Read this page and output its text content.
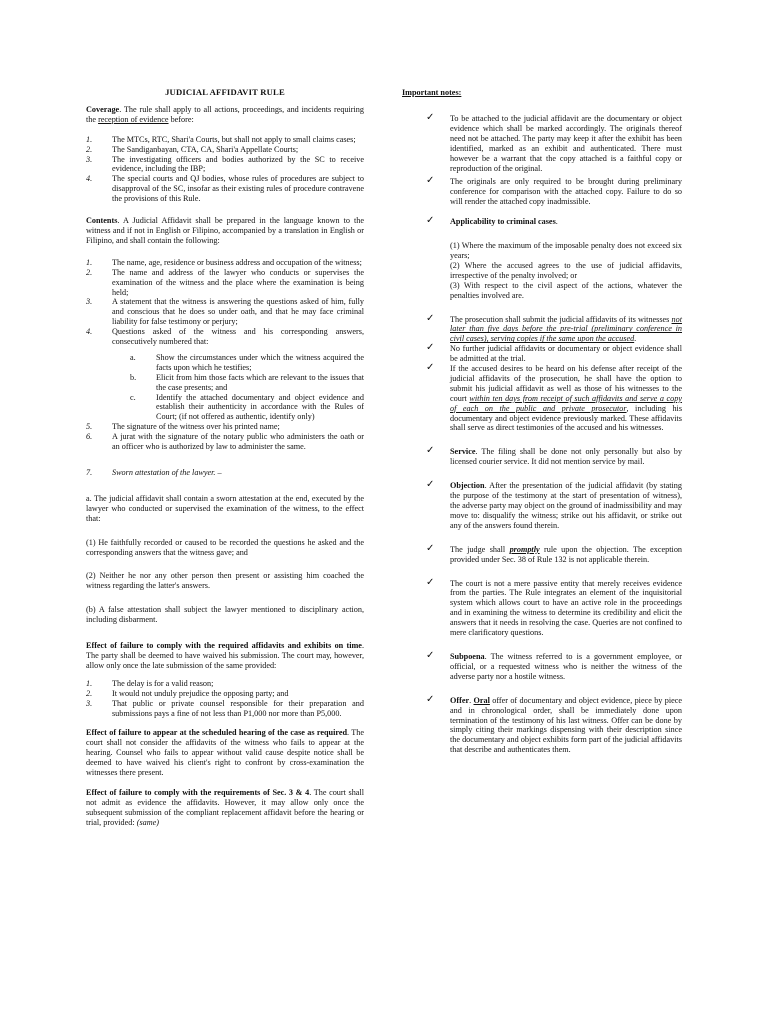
JUDICIAL AFFIDAVIT RULE

Coverage. The rule shall apply to all actions, proceedings, and incidents requiring the reception of evidence before:

1. The MTCs, RTC, Shari'a Courts, but shall not apply to small claims cases;
2. The Sandiganbayan, CTA, CA, Shari'a Appellate Courts;
3. The investigating officers and bodies authorized by the SC to receive evidence, including the IBP;
4. The special courts and QJ bodies, whose rules of procedures are subject to disapproval of the SC, insofar as their existing rules of procedure contravene the provisions of this Rule.

Contents. A Judicial Affidavit shall be prepared in the language known to the witness and if not in English or Filipino, accompanied by a translation in English or Filipino, and shall contain the following:

1. The name, age, residence or business address and occupation of the witness;
2. The name and address of the lawyer who conducts or supervises the examination of the witness and the place where the examination is being held;
3. A statement that the witness is answering the questions asked of him, fully and conscious that he does so under oath, and that he may face criminal liability for false testimony or perjury;
4. Questions asked of the witness and his corresponding answers, consecutively numbered that:
a. Show the circumstances under which the witness acquired the facts upon which he testifies;
b. Elicit from him those facts which are relevant to the issues that the case presents; and
c. Identify the attached documentary and object evidence and establish their authenticity in accordance with the Rules of Court; (if not offered as authentic, identify only)
5. The signature of the witness over his printed name;
6. A jurat with the signature of the notary public who administers the oath or an officer who is authorized by law to administer the same.
7. Sworn attestation of the lawyer. –

a. The judicial affidavit shall contain a sworn attestation at the end, executed by the lawyer who conducted or supervised the examination of the witness, to the effect that:

(1) He faithfully recorded or caused to be recorded the questions he asked and the corresponding answers that the witness gave; and

(2) Neither he nor any other person then present or assisting him coached the witness regarding the latter's answers.

(b) A false attestation shall subject the lawyer mentioned to disciplinary action, including disbarment.

Effect of failure to comply with the required affidavits and exhibits on time. The party shall be deemed to have waived his submission. The court may, however, allow only once the late submission of the same provided:

1. The delay is for a valid reason;
2. It would not unduly prejudice the opposing party; and
3. That public or private counsel responsible for their preparation and submissions pays a fine of not less than P1,000 nor more than P5,000.

Effect of failure to appear at the scheduled hearing of the case as required. The court shall not consider the affidavits of the witness who fails to appear at the hearing. Counsel who fails to appear without valid cause despite notice shall be deemed to have waived his client's right to confront by cross-examination the witnesses there present.

Effect of failure to comply with the requirements of Sec. 3 & 4. The court shall not admit as evidence the affidavits. However, it may allow only once the subsequent submission of the compliant replacement affidavit before the hearing or trial, provided: (same)

Important notes:
✓ To be attached to the judicial affidavit are the documentary or object evidence which shall be marked accordingly. The originals thereof need not be attached. The party may keep it after the exhibit has been identified, marked as an exhibit and authenticated. There must however be a warrant that the copy attached is a faithful copy or reproduction of the original.
✓ The originals are only required to be brought during preliminary conference for comparison with the attached copy. Failure to do so will render the attached copy inadmissible.
✓ Applicability to criminal cases.

(1) Where the maximum of the imposable penalty does not exceed six years;

(2) Where the accused agrees to the use of judicial affidavits, irrespective of the penalty involved; or

(3) With respect to the civil aspect of the actions, whatever the penalties involved are.

✓ The prosecution shall submit the judicial affidavits of its witnesses not later than five days before the pre-trial (preliminary conference in civil cases), serving copies if the same upon the accused.
✓ No further judicial affidavits or documentary or object evidence shall be admitted at the trial.
✓ If the accused desires to be heard on his defense after receipt of the judicial affidavits of the prosecution, he shall have the option to submit his judicial affidavit as well as those of his witnesses to the court within ten days from receipt of such affidavits and serve a copy of each on the public and private prosecutor, including his documentary and object evidence previously marked. These affidavits shall serve as direct testimonies of the accused and his witnesses.
✓ Service. The filing shall be done not only personally but also by licensed courier service. It did not mention service by mail.
✓ Objection. After the presentation of the judicial affidavit (by stating the purpose of the testimony at the start of presentation of witness), the adverse party may object on the ground of inadmissibility and may move to: disqualify the witness; strike out his affidavit, or strike out any of the answers found therein.
✓ The judge shall promptly rule upon the objection. The exception provided under Sec. 38 of Rule 132 is not applicable therein.
✓ The court is not a mere passive entity that merely receives evidence from the parties. The Rule integrates an element of the inquisitorial system which allows court to have an active role in the proceedings and in examining the witness to determine its credibility and elicit the answers that it needs in resolving the case. Queries are not confined to mere clarificatory questions.
✓ Subpoena. The witness referred to is a government employee, or official, or a requested witness who is neither the witness of the adverse party nor a hostile witness.
✓ Offer. Oral offer of documentary and object evidence, piece by piece and in chronological order, shall be immediately done upon termination of the testimony of his last witness. Offer can be done by simply citing their markings dispensing with their description since the documentary and object exhibits form part of the judicial affidavits that describe and authenticates them.
